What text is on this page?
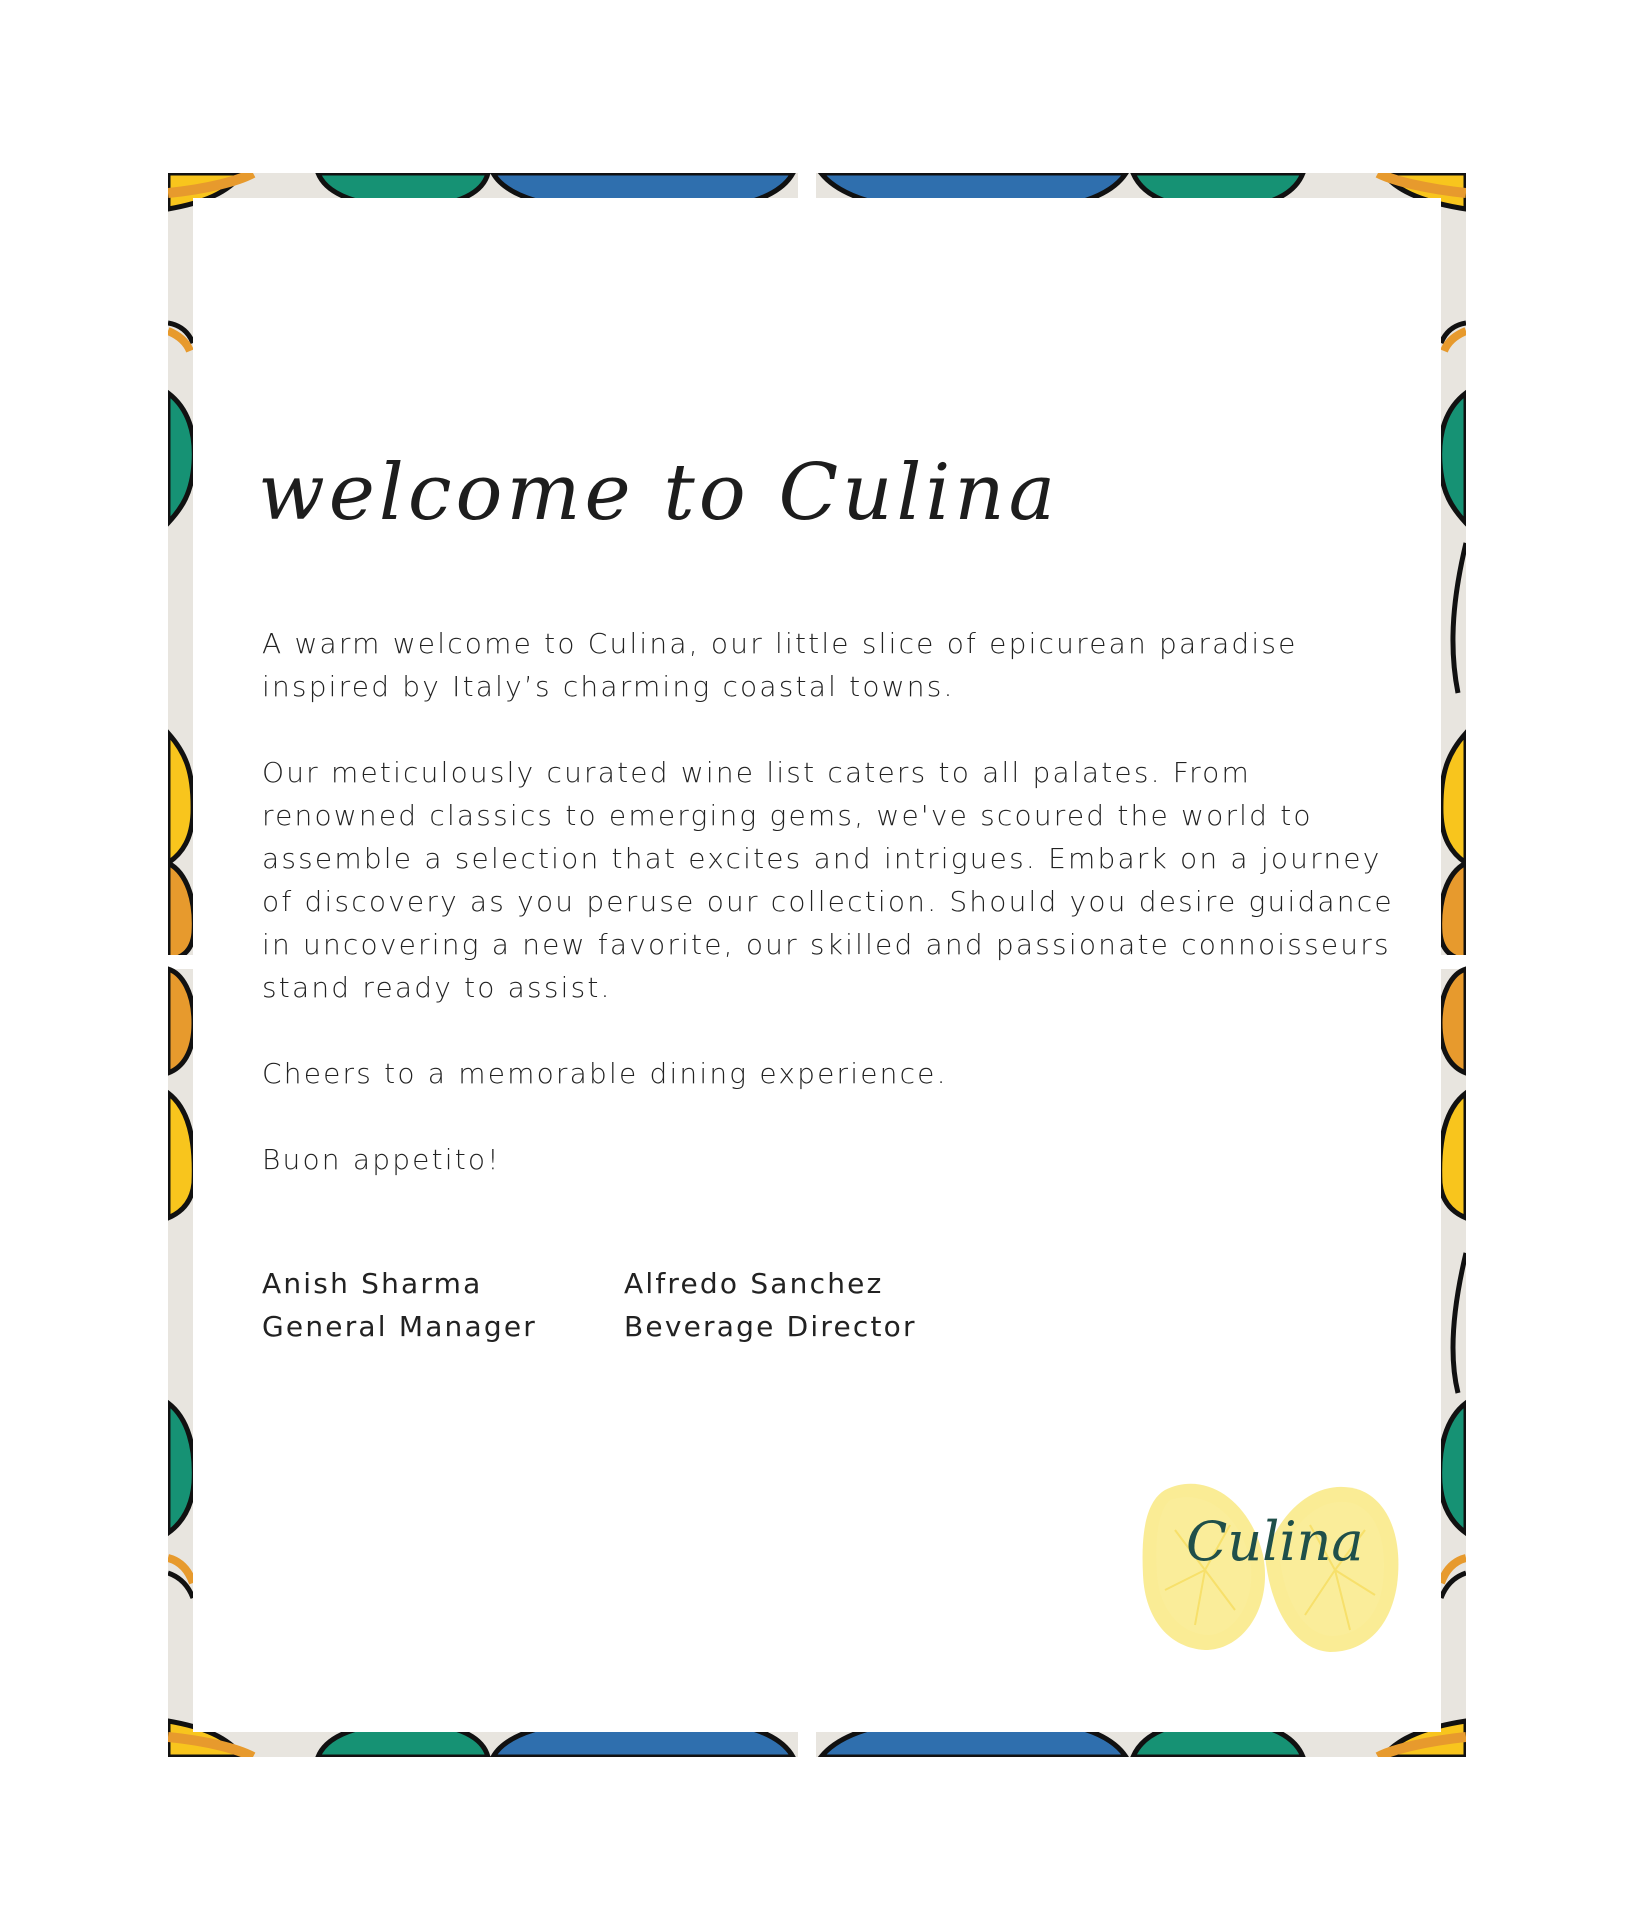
welcome to Culina

A warm welcome to Culina, our little slice of epicurean paradise inspired by Italy’s charming coastal towns.

Our meticulously curated wine list caters to all palates. From renowned classics to emerging gems, we've scoured the world to assemble a selection that excites and intrigues. Embark on a journey of discovery as you peruse our collection. Should you desire guidance in uncovering a new favorite, our skilled and passionate connoisseurs stand ready to assist.

Cheers to a memorable dining experience.

Buon appetito!

Anish Sharma
General Manager
Alfredo Sanchez
Beverage Director
Culina
